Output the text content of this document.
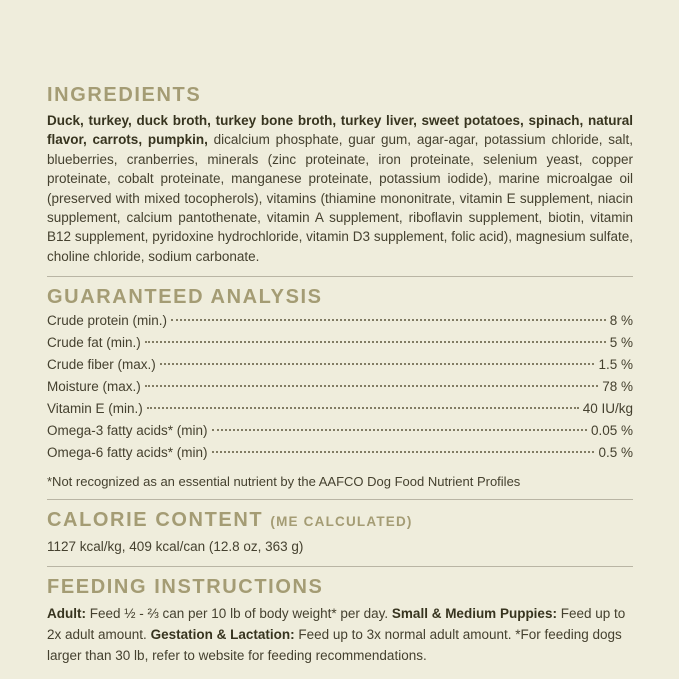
INGREDIENTS

Duck, turkey, duck broth, turkey bone broth, turkey liver, sweet potatoes, spinach, natural flavor, carrots, pumpkin, dicalcium phosphate, guar gum, agar-agar, potassium chloride, salt, blueberries, cranberries, minerals (zinc proteinate, iron proteinate, selenium yeast, copper proteinate, cobalt proteinate, manganese proteinate, potassium iodide), marine microalgae oil (preserved with mixed tocopherols), vitamins (thiamine mononitrate, vitamin E supplement, niacin supplement, calcium pantothenate, vitamin A supplement, riboflavin supplement, biotin, vitamin B12 supplement, pyridoxine hydrochloride, vitamin D3 supplement, folic acid), magnesium sulfate, choline chloride, sodium carbonate.

GUARANTEED ANALYSIS
Crude protein (min.)	8 %
Crude fat (min.)	5 %
Crude fiber (max.)	1.5 %
Moisture (max.)	78 %
Vitamin E (min.)	40 IU/kg
Omega-3 fatty acids* (min)	0.05 %
Omega-6 fatty acids* (min)	0.5 %

*Not recognized as an essential nutrient by the AAFCO Dog Food Nutrient Profiles

CALORIE CONTENT (ME CALCULATED)

1127 kcal/kg, 409 kcal/can (12.8 oz, 363 g)

FEEDING INSTRUCTIONS

Adult: Feed ½ - ⅔ can per 10 lb of body weight* per day. Small & Medium Puppies: Feed up to 2x adult amount. Gestation & Lactation: Feed up to 3x normal adult amount. *For feeding dogs larger than 30 lb, refer to website for feeding recommendations.
